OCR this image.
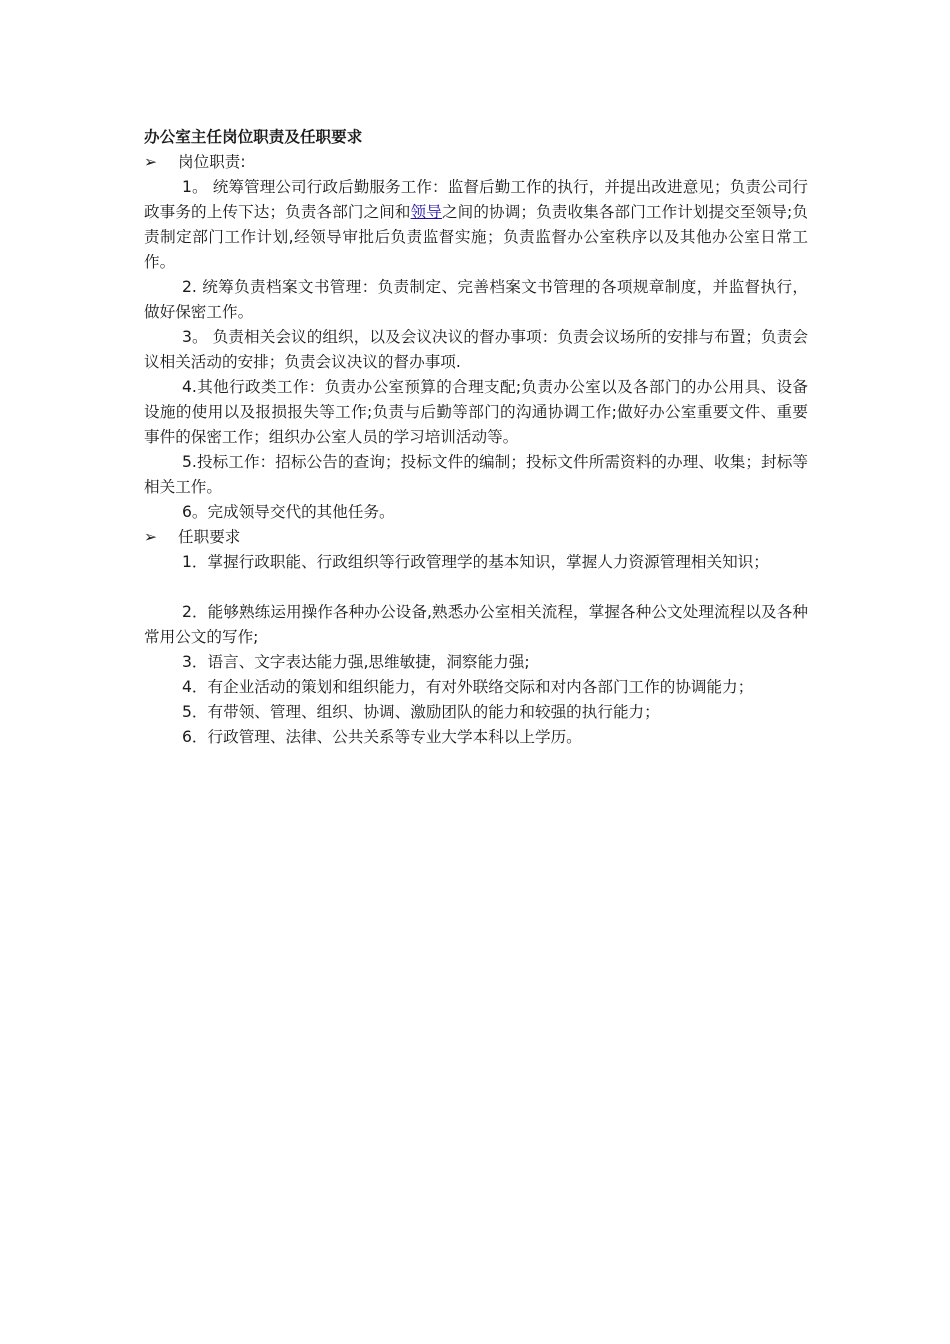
办公室主任岗位职责及任职要求

➢	岗位职责:

1。 统筹管理公司行政后勤服务工作：监督后勤工作的执行，并提出改进意见；负责公司行政事务的上传下达；负责各部门之间和领导之间的协调；负责收集各部门工作计划提交至领导;负责制定部门工作计划,经领导审批后负责监督实施；负责监督办公室秩序以及其他办公室日常工作。

2. 统筹负责档案文书管理：负责制定、完善档案文书管理的各项规章制度，并监督执行，做好保密工作。

3。 负责相关会议的组织，以及会议决议的督办事项：负责会议场所的安排与布置；负责会议相关活动的安排；负责会议决议的督办事项.

4.其他行政类工作：负责办公室预算的合理支配;负责办公室以及各部门的办公用具、设备设施的使用以及报损报失等工作;负责与后勤等部门的沟通协调工作;做好办公室重要文件、重要事件的保密工作；组织办公室人员的学习培训活动等。

5.投标工作：招标公告的查询；投标文件的编制；投标文件所需资料的办理、收集；封标等相关工作。

6。完成领导交代的其他任务。

➢	任职要求

1．掌握行政职能、行政组织等行政管理学的基本知识，掌握人力资源管理相关知识；

2．能够熟练运用操作各种办公设备,熟悉办公室相关流程，掌握各种公文处理流程以及各种常用公文的写作;

3．语言、文字表达能力强,思维敏捷，洞察能力强;

4．有企业活动的策划和组织能力，有对外联络交际和对内各部门工作的协调能力；

5．有带领、管理、组织、协调、激励团队的能力和较强的执行能力；

6．行政管理、法律、公共关系等专业大学本科以上学历。
